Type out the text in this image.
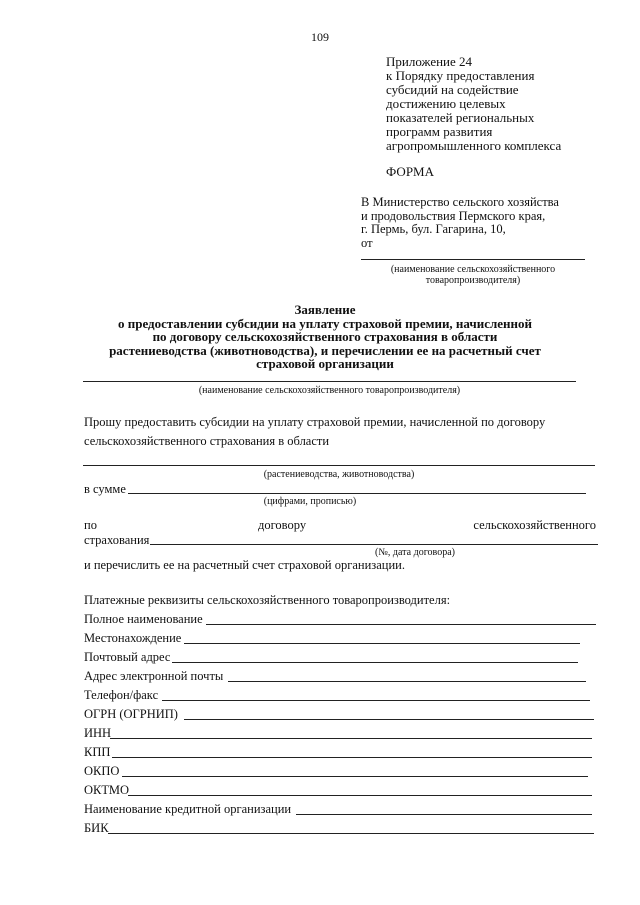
109
Приложение 24
к Порядку предоставления
субсидий на содействие
достижению целевых
показателей региональных
программ развития
агропромышленного комплекса
ФОРМА
В Министерство сельского хозяйства
и продовольствия Пермского края,
г. Пермь, бул. Гагарина, 10,
от
(наименование сельскохозяйственного
товаропроизводителя)
Заявление
о предоставлении субсидии на уплату страховой премии, начисленной
по договору сельскохозяйственного страхования в области
растениеводства (животноводства), и перечислении ее на расчетный счет
страховой организации
(наименование сельскохозяйственного товаропроизводителя)
Прошу предоставить субсидии на уплату страховой премии, начисленной по договору
сельскохозяйственного страхования в области
(растениеводства, животноводства)
в сумме
(цифрами, прописью)
по	договору	сельскохозяйственного
страхования
(№, дата договора)
и перечислить ее на расчетный счет страховой организации.
Платежные реквизиты сельскохозяйственного товаропроизводителя:
Полное наименование
Местонахождение
Почтовый адрес
Адрес электронной почты
Телефон/факс
ОГРН (ОГРНИП)
ИНН
КПП
ОКПО
ОКТМО
Наименование кредитной организации
БИК
